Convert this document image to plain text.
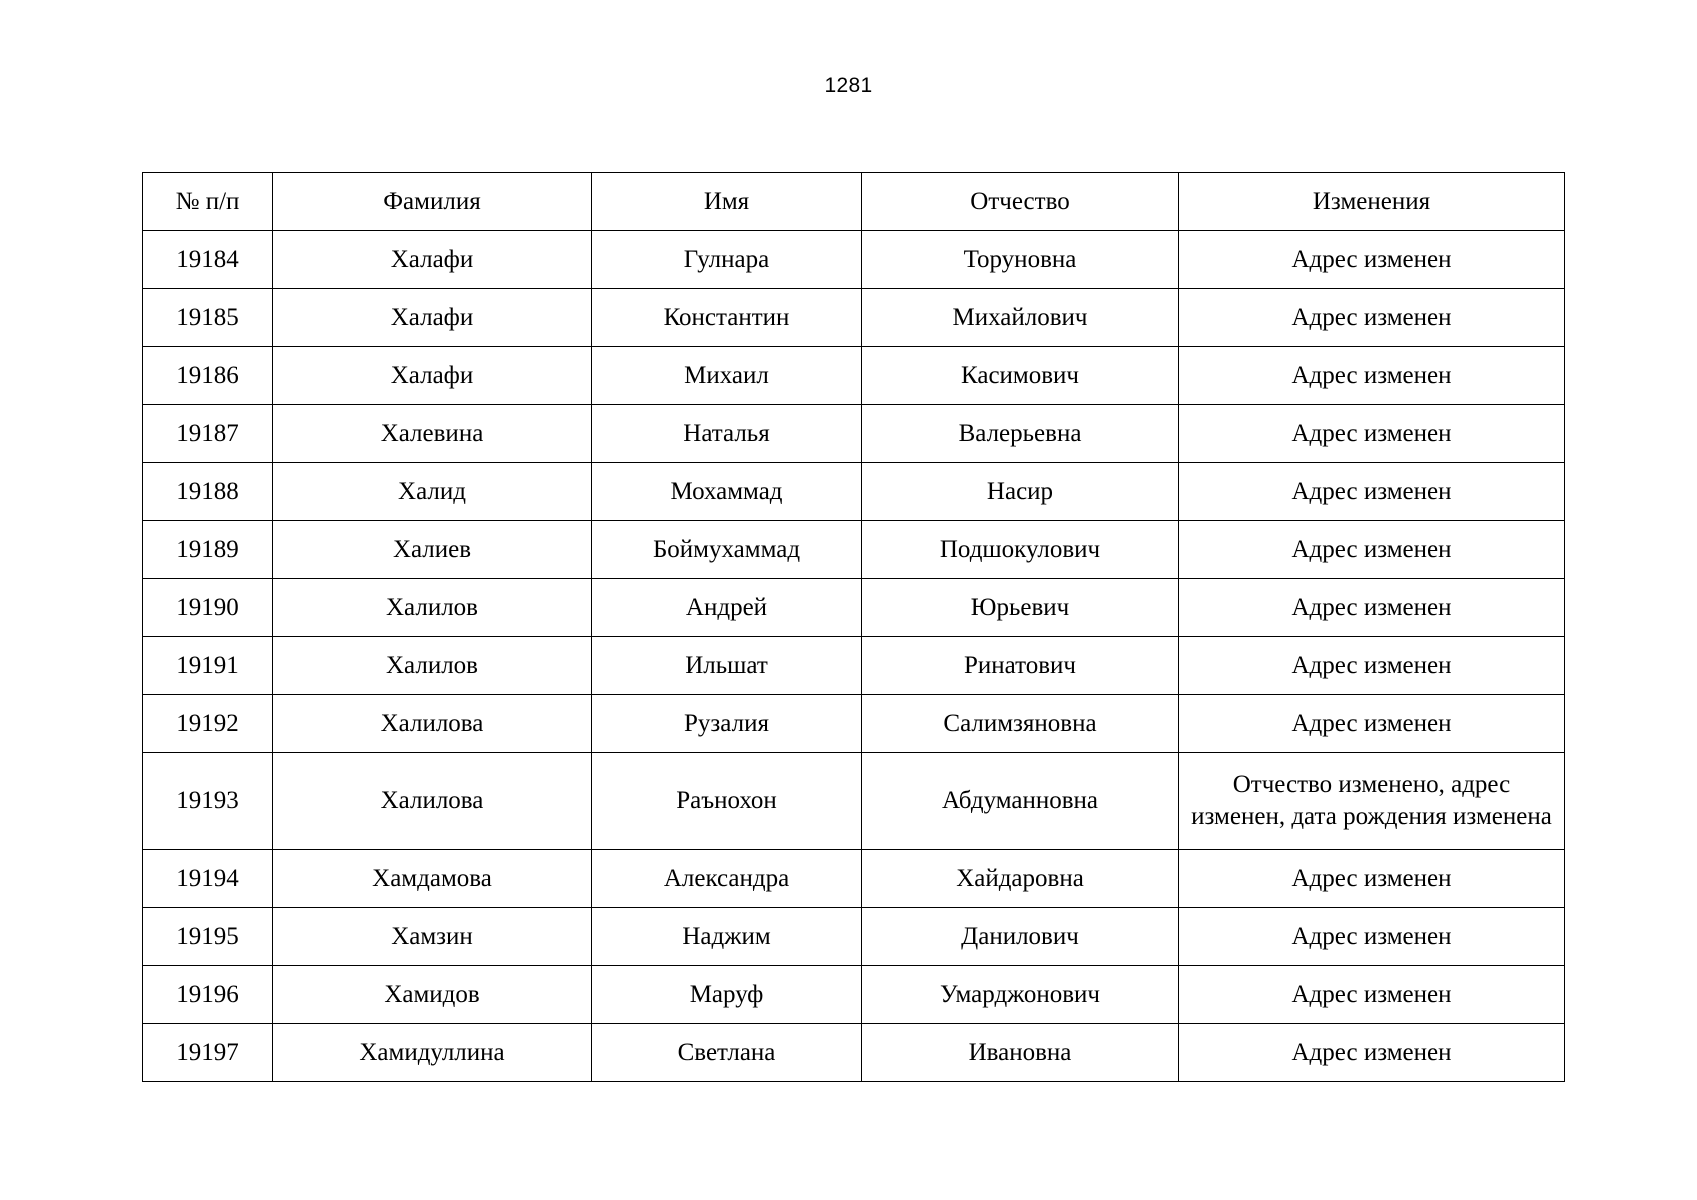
1281
№ п/п	Фамилия	Имя	Отчество	Изменения
19184	Халафи	Гулнара	Торуновна	Адрес изменен
19185	Халафи	Константин	Михайлович	Адрес изменен
19186	Халафи	Михаил	Касимович	Адрес изменен
19187	Халевина	Наталья	Валерьевна	Адрес изменен
19188	Халид	Мохаммад	Насир	Адрес изменен
19189	Халиев	Боймухаммад	Подшокулович	Адрес изменен
19190	Халилов	Андрей	Юрьевич	Адрес изменен
19191	Халилов	Ильшат	Ринатович	Адрес изменен
19192	Халилова	Рузалия	Салимзяновна	Адрес изменен
19193	Халилова	Раънохон	Абдуманновна	Отчество изменено, адрес изменен, дата рождения изменена
19194	Хамдамова	Александра	Хайдаровна	Адрес изменен
19195	Хамзин	Наджим	Данилович	Адрес изменен
19196	Хамидов	Маруф	Умарджонович	Адрес изменен
19197	Хамидуллина	Светлана	Ивановна	Адрес изменен
